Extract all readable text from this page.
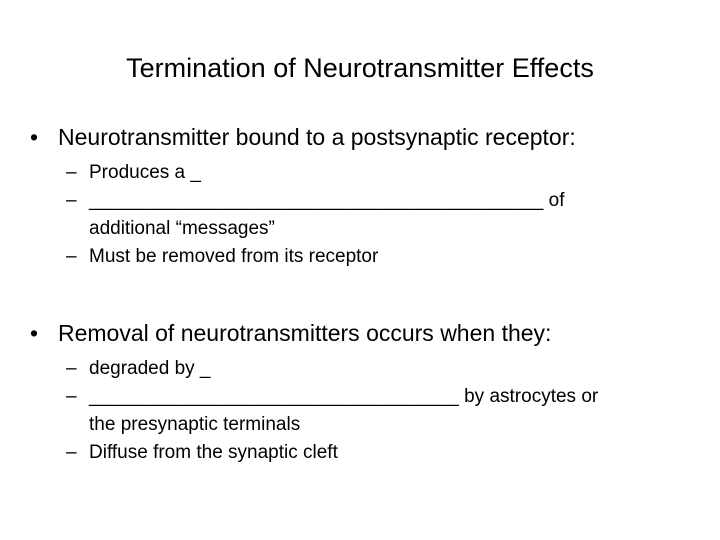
Termination of Neurotransmitter Effects
• Neurotransmitter bound to a postsynaptic receptor:
– Produces a _
– ___________________________________________ of
additional “messages”
– Must be removed from its receptor
• Removal of neurotransmitters occurs when they:
– degraded by _
– ___________________________________ by astrocytes or
the presynaptic terminals
– Diffuse from the synaptic cleft
